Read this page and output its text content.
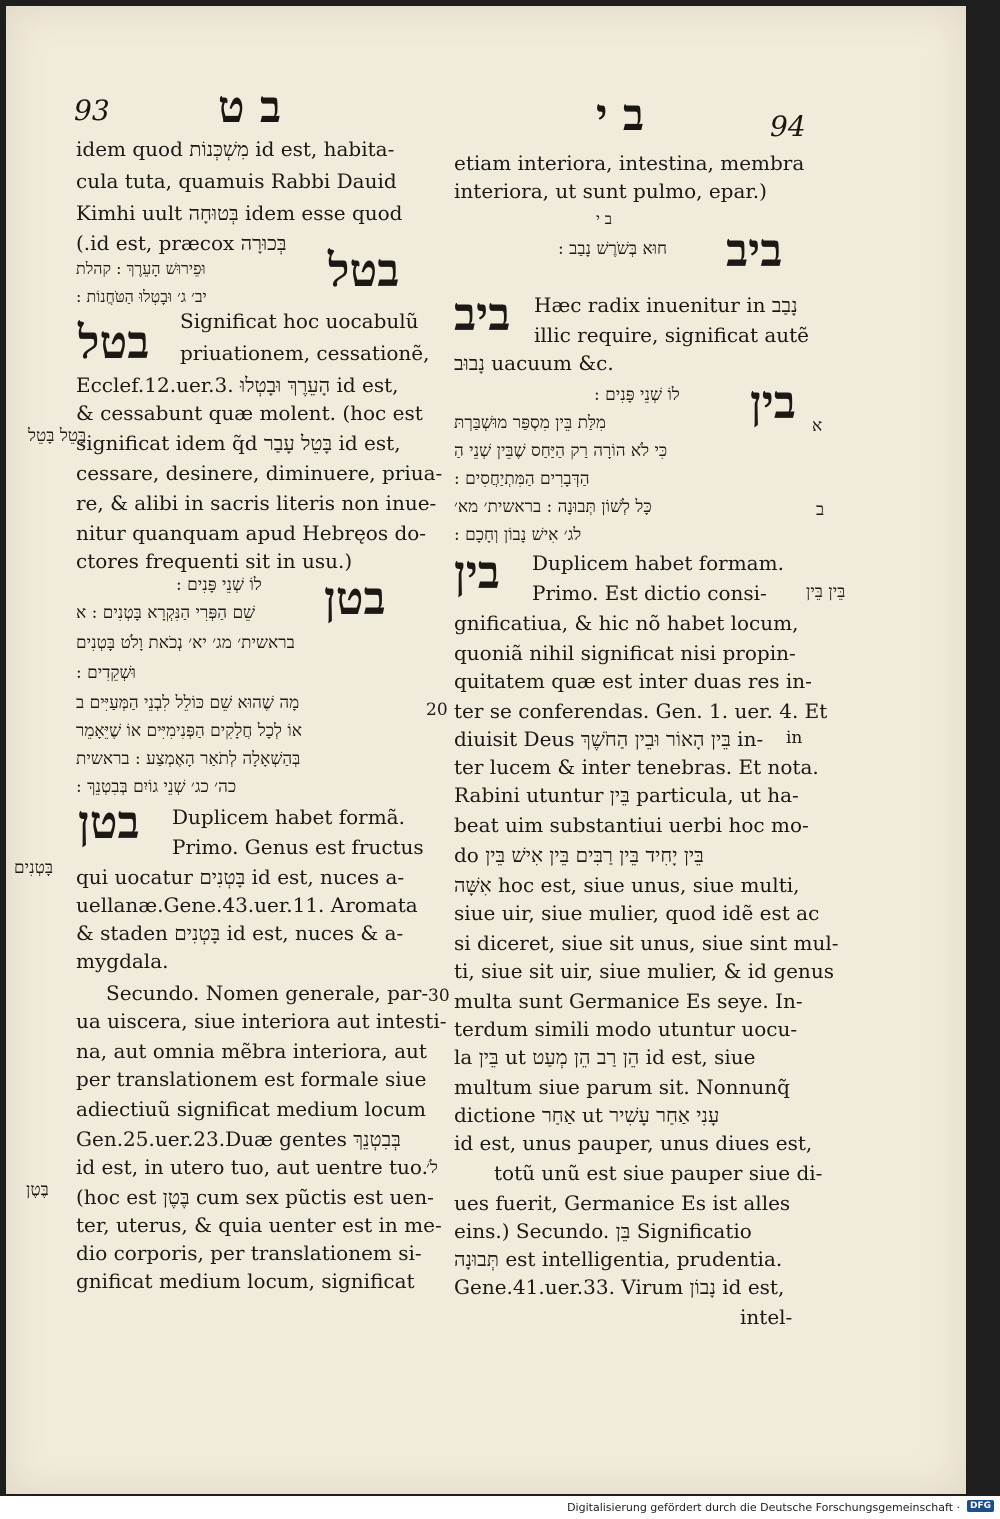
93 ב ט	ב י	94
idem quod מִשְׁכְּנוֹת id est, habita-
cula tuta, quamuis Rabbi Dauid
Kimhi uult בְּטוּחָה idem esse quod
בְּכוּרָה id est, præcox.)
וּפֵירוּשׁ הָעֵרֶךְ : קהלת
יב׳ ג׳ וּבָטְלוּ הַטֹּחֲנוֹת :	בטל
בטל Significat hoc uocabulũ
priuationem, cessationẽ,
Ecclef.12.uer.3. הָעֵרֶךְ וּבָטְלוּ id est,
& cessabunt quæ molent. (hoc est
significat idem q̃d בָּטֵל עָבַר id est,
cessare, desinere, diminuere, priua-
re, & alibi in sacris literis non inue-
nitur quanquam apud Hebręos do-
ctores frequenti sit in usu.)
בטן
לוֹ שְׁנֵי פָּנִים :
שֵׁם הַפְּרִי הַנִּקְרָא בָּטְנִים : א
בראשית׳ מג׳ יא׳ נְכֹאת וָלֹט בָּטְנִים
וּשְׁקֵדִים :
מָה שֶׁהוּא שֵׁם כּוֹלֵל לִבְנֵי הַמְּעַיִּים ב
אוֹ לְכָל חֲלָקִים הַפְּנִימִיִּים אוֹ שֶׁיֵּאָמֵר
בְּהַשְׁאָלָה לְתֹאַר הָאֶמְצַע : בראשית
כה׳ כג׳ שְׁנֵי גוֹיִם בְּבִטְנֵךְ :
בטן Duplicem habet formã.
Primo. Genus est fructus
qui uocatur בָּטְנִים id est, nuces a-
uellanæ.Gene.43.uer.11. Aromata
& staden בָּטְנִים id est, nuces & a-
mygdala.
Secundo. Nomen generale, par-
ua uiscera, siue interiora aut intesti-
na, aut omnia mẽbra interiora, aut
per translationem est formale siue
adiectiuũ significat medium locum
Gen.25.uer.23.Duæ gentes בְּבִטְנֵךְ
id est, in utero tuo, aut uentre tuo.
(hoc est בֶּטֶן cum sex pũctis est uen-
ter, uterus, & quia uenter est in me-
dio corporis, per translationem si-
gnificat medium locum, significat
בָּטֵל בָּטֵל
בָּטְנִים
בֶּטֶן
etiam interiora, intestina, membra
interiora, ut sunt pulmo, epar.)
ב י
חוּא בְּשֹׁרֶשׁ נָבַב : ביב
ביב Hæc radix inuenitur in נָבַב
illic require, significat autẽ
נָבוּב uacuum &c.
בין
לוֹ שְׁנֵי פָּנִים :
מִלַּת בֵּין מִסְפַּר מוּשְׁבַּרְתּ
כִּי לֹא הוֹרָה רַק הַיַּחַס שֶׁבֵּין שְׁנֵי הַ
הַדְּבָרִים הַמִּתְיַחֲסִים :
כָּל לְשׁוֹן תְּבוּנָה : בראשית׳ מא׳
לג׳ אִישׁ נָבוֹן וְחָכָם :
בין Duplicem habet formam.
Primo. Est dictio consi-
gnificatiua, & hic nõ habet locum,
quoniã nihil significat nisi propin-
quitatem quæ est inter duas res in-
ter se conferendas. Gen. 1. uer. 4. Et
diuisit Deus בֵּין הָאוֹר וּבֵין הַחֹשֶׁךְ in-
ter lucem & inter tenebras. Et nota.
Rabini utuntur בֵּין particula, ut ha-
beat uim substantiui uerbi hoc mo-
do בֵּין יָחִיד בֵּין רַבִּים בֵּין אִישׁ בֵּין
אִשָּׁה hoc est, siue unus, siue multi,
siue uir, siue mulier, quod idẽ est ac
si diceret, siue sit unus, siue sint mul-
ti, siue sit uir, siue mulier, & id genus
multa sunt Germanice Es seye. In-
terdum simili modo utuntur uocu-
la בֵּין ut הֵן רַב הֵן מְעַט id est, siue
multum siue parum sit. Nonnunq̃
dictione אַחַר ut עָנִי אַחַר עָשִׁיר
id est, unus pauper, unus diues est,
totũ unũ est siue pauper siue di-
ues fuerit, Germanice Es ist alles
eins.) Secundo. בֵּן Significatio
תְּבוּנָה est intelligentia, prudentia.
Gene.41.uer.33. Virum נָבוֹן id est,
intel-
א
ב
בֵּין בֵּין
לֹ׳
in
20
30
Digitalisierung gefördert durch die Deutsche Forschungsgemeinschaft ·	DFG
